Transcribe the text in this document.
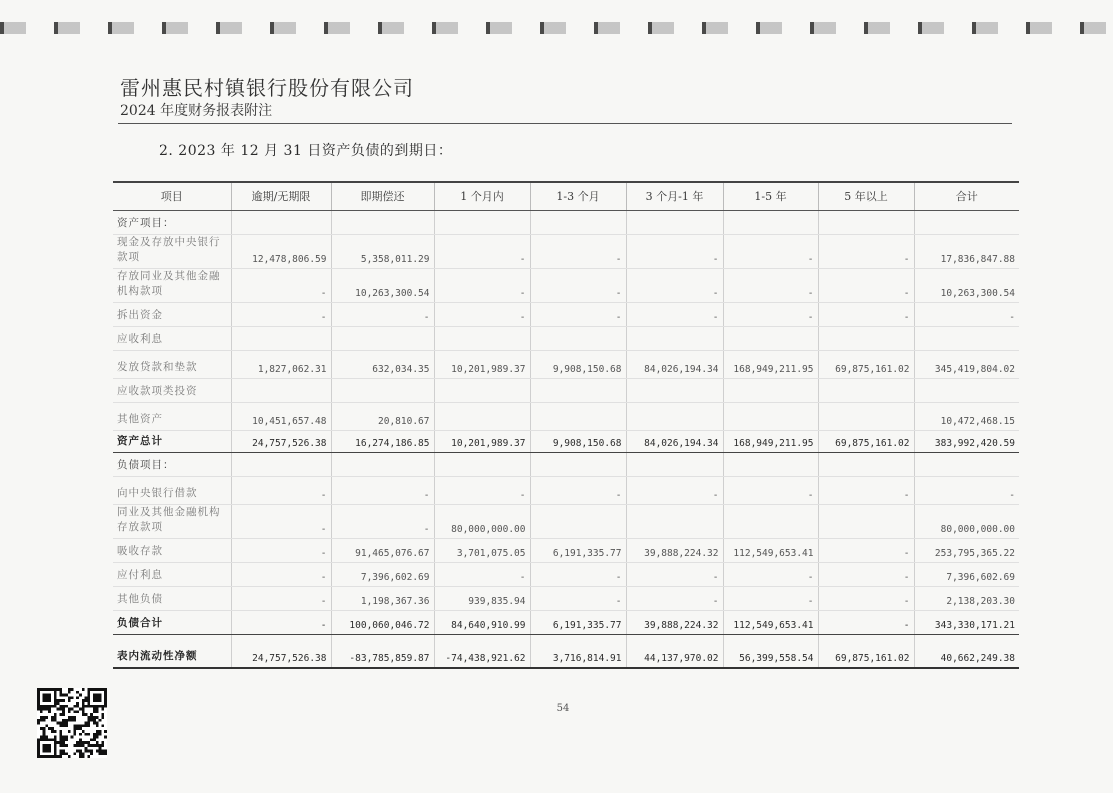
雷州惠民村镇银行股份有限公司
2024 年度财务报表附注
2. 2023 年 12 月 31 日资产负债的到期日：
项目	逾期/无期限	即期偿还	1 个月内	1-3 个月	3 个月-1 年	1-5 年	5 年以上	合计
资产项目：								
现金及存放中央银行款项	12,478,806.59	5,358,011.29	-	-	-	-	-	17,836,847.88
存放同业及其他金融机构款项	-	10,263,300.54	-	-	-	-	-	10,263,300.54
拆出资金	-	-	-	-	-	-	-	-
应收利息								
发放贷款和垫款	1,827,062.31	632,034.35	10,201,989.37	9,908,150.68	84,026,194.34	168,949,211.95	69,875,161.02	345,419,804.02
应收款项类投资								
其他资产	10,451,657.48	20,810.67						10,472,468.15
资产总计	24,757,526.38	16,274,186.85	10,201,989.37	9,908,150.68	84,026,194.34	168,949,211.95	69,875,161.02	383,992,420.59
负债项目：								
向中央银行借款	-	-	-	-	-	-	-	-
同业及其他金融机构存放款项	-	-	80,000,000.00					80,000,000.00
吸收存款	-	91,465,076.67	3,701,075.05	6,191,335.77	39,888,224.32	112,549,653.41	-	253,795,365.22
应付利息	-	7,396,602.69	-	-	-	-	-	7,396,602.69
其他负债	-	1,198,367.36	939,835.94	-	-	-	-	2,138,203.30
负债合计	-	100,060,046.72	84,640,910.99	6,191,335.77	39,888,224.32	112,549,653.41	-	343,330,171.21
表内流动性净额	24,757,526.38	-83,785,859.87	-74,438,921.62	3,716,814.91	44,137,970.02	56,399,558.54	69,875,161.02	40,662,249.38
54
